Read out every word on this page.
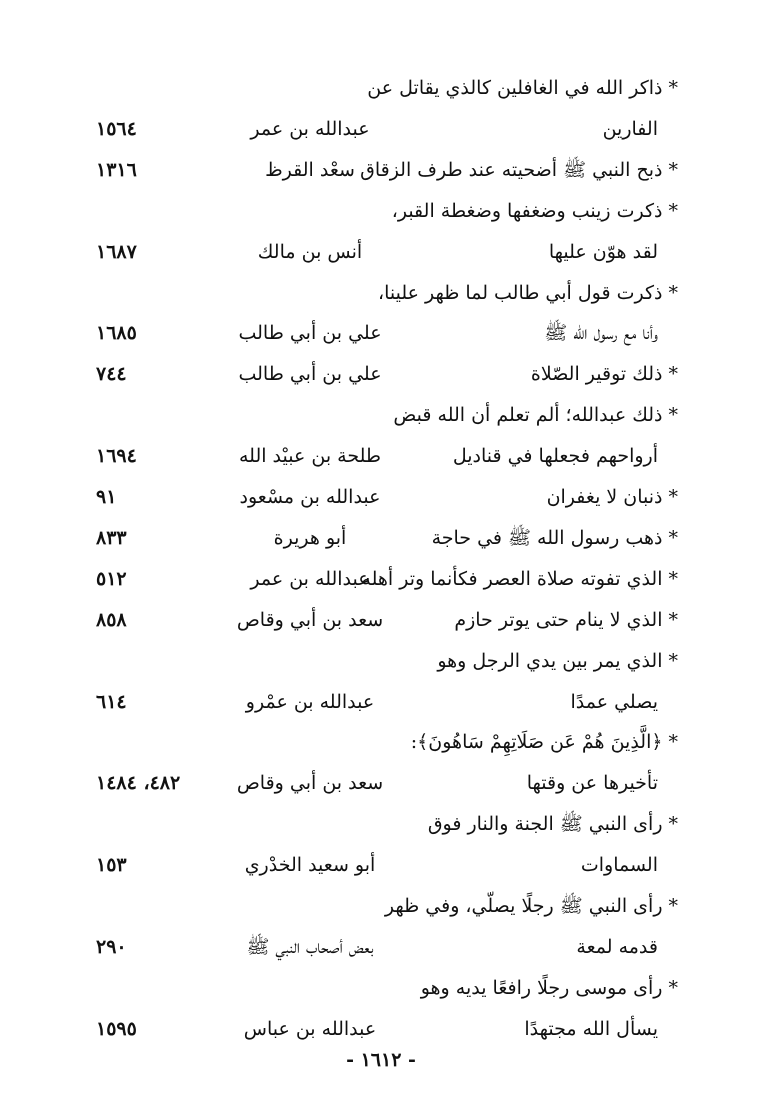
*ذاكر الله في الغافلين كالذي يقاتل عن
الفارين
عبدالله بن عمر
١٥٦٤
*ذبح النبي ﷺ أضحيته عند طرف الزقاق
سعْد القرظ
١٣١٦
*ذكرت زينب وضغفها وضغطة القبر،
لقد هوّن عليها
أنس بن مالك
١٦٨٧
*ذكرت قول أبي طالب لما ظهر علينا،
وأنا مع رسول الله ﷺ
علي بن أبي طالب
١٦٨٥
*ذلك توقير الصّلاة
علي بن أبي طالب
٧٤٤
*ذلك عبدالله؛ ألم تعلم أن الله قبض
أرواحهم فجعلها في قناديل
طلحة بن عبيْد الله
١٦٩٤
*ذنبان لا يغفران
عبدالله بن مسْعود
٩١
*ذهب رسول الله ﷺ في حاجة
أبو هريرة
٨٣٣
*الذي تفوته صلاة العصر فكأنما وتر أهله
عبدالله بن عمر
٥١٢
*الذي لا ينام حتى يوتر حازم
سعد بن أبي وقاص
٨٥٨
*الذي يمر بين يدي الرجل وهو
يصلي عمدًا
عبدالله بن عمْرو
٦١٤
*﴿الَّذِينَ هُمْ عَن صَلَاتِهِمْ سَاهُونَ﴾:
تأخيرها عن وقتها
سعد بن أبي وقاص
٤٨٢، ١٤٨٤
*رأى النبي ﷺ الجنة والنار فوق
السماوات
أبو سعيد الخدْري
١٥٣
*رأى النبي ﷺ رجلًا يصلّي، وفي ظهر
قدمه لمعة
بعض أصحاب النبي ﷺ
٢٩٠
*رأى موسى رجلًا رافعًا يديه وهو
يسأل الله مجتهدًا
عبدالله بن عباس
١٥٩٥
- ١٦١٢ -
